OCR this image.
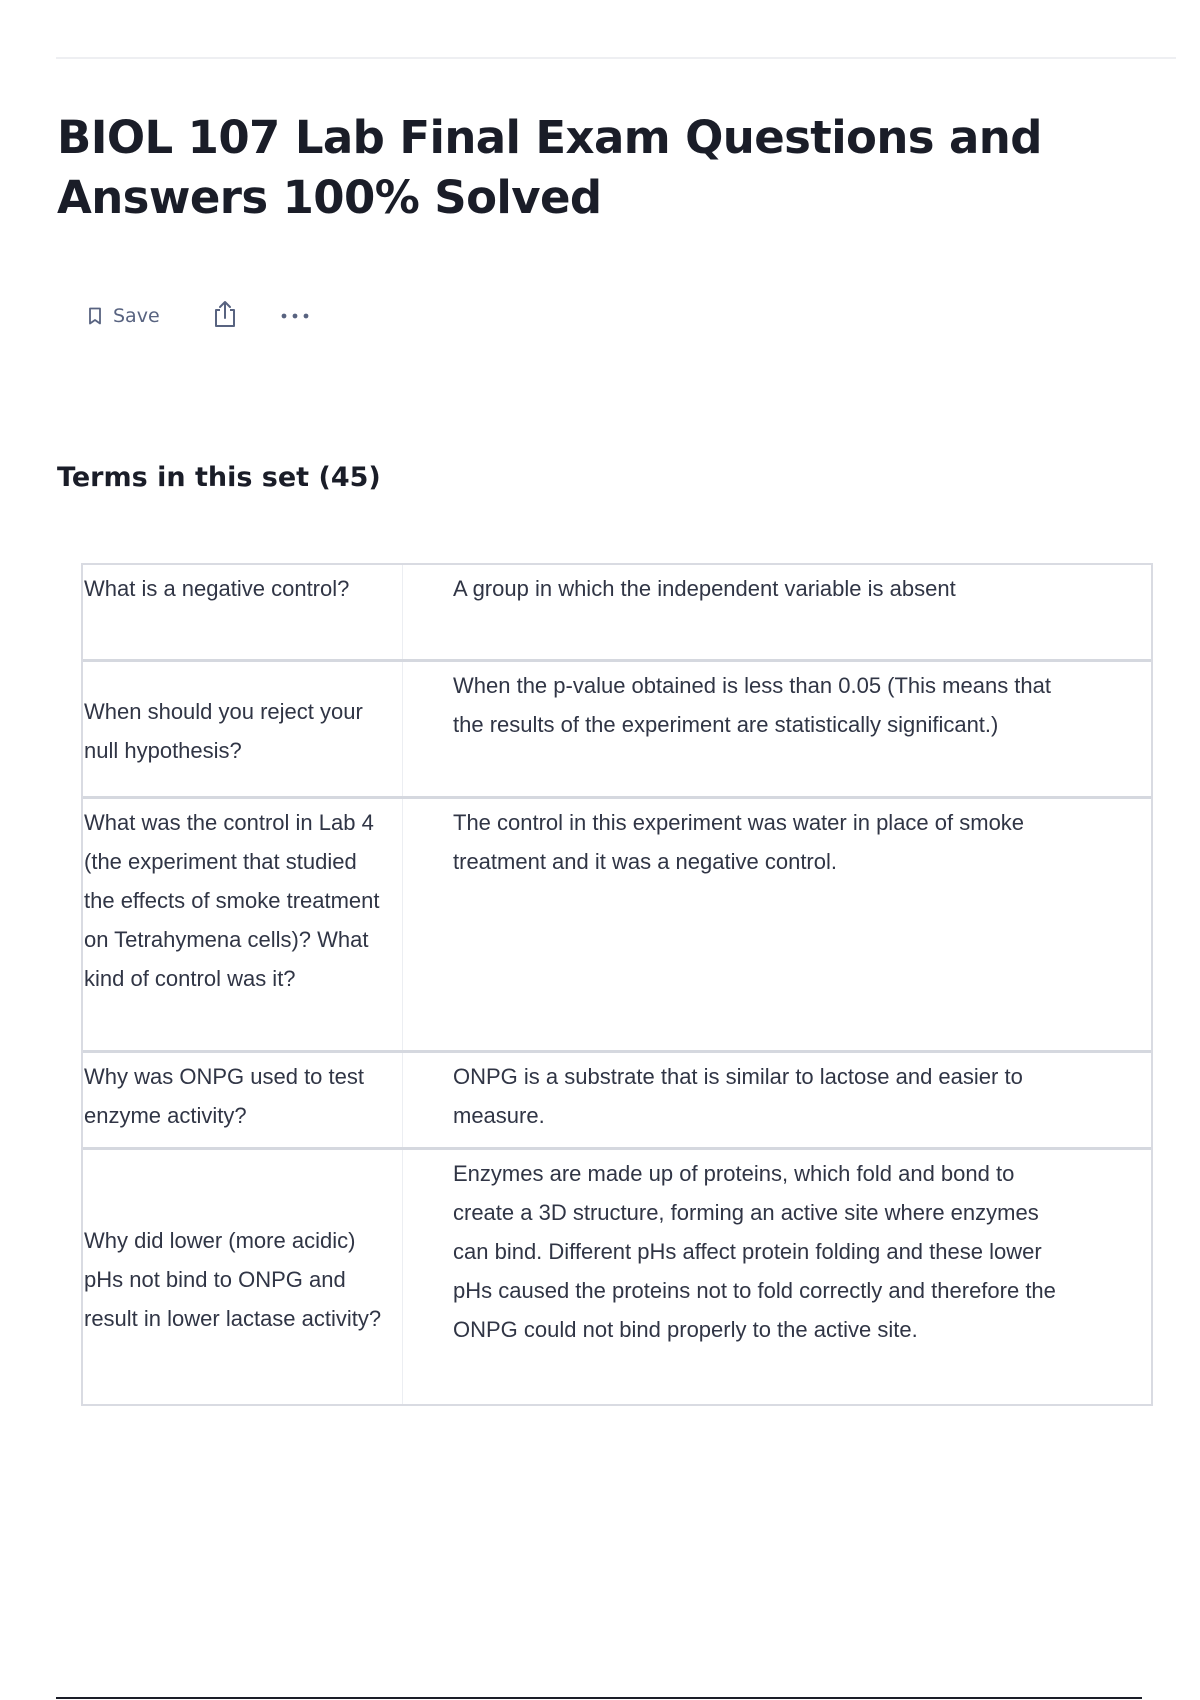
BIOL 107 Lab Final Exam Questions and Answers 100% Solved
Save
Terms in this set (45)
What is a negative control?	A group in which the independent variable is absent
When should you reject your null hypothesis?
When the p-value obtained is less than 0.05 (This means that the results of the experiment are statistically significant.)
What was the control in Lab 4 (the experiment that studied the effects of smoke treatment on Tetrahymena cells)? What kind of control was it?
The control in this experiment was water in place of smoke treatment and it was a negative control.
Why was ONPG used to test enzyme activity?
ONPG is a substrate that is similar to lactose and easier to measure.
Why did lower (more acidic) pHs not bind to ONPG and result in lower lactase activity?
Enzymes are made up of proteins, which fold and bond to create a 3D structure, forming an active site where enzymes can bind. Different pHs affect protein folding and these lower pHs caused the proteins not to fold correctly and therefore the ONPG could not bind properly to the active site.
